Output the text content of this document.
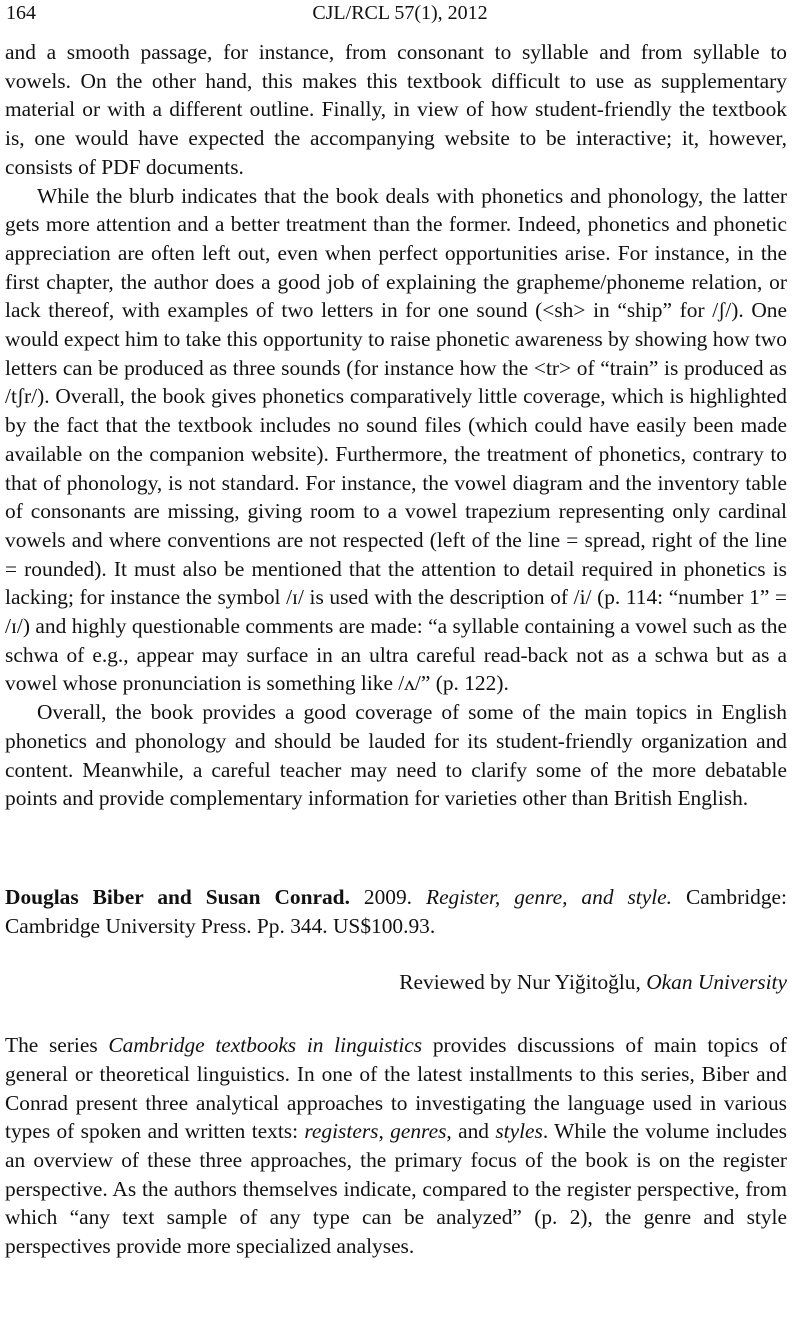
164	CJL/RCL 57(1), 2012

and a smooth passage, for instance, from consonant to syllable and from syllable to vowels. On the other hand, this makes this textbook difficult to use as supplementary material or with a different outline. Finally, in view of how student-friendly the textbook is, one would have expected the accompanying website to be interactive; it, however, consists of PDF documents.

While the blurb indicates that the book deals with phonetics and phonology, the latter gets more attention and a better treatment than the former. Indeed, phonetics and phonetic appreciation are often left out, even when perfect opportunities arise. For instance, in the first chapter, the author does a good job of explaining the grapheme/phoneme relation, or lack thereof, with examples of two letters in for one sound (<sh> in “ship” for /ʃ/). One would expect him to take this opportunity to raise phonetic awareness by showing how two letters can be produced as three sounds (for instance how the <tr> of “train” is produced as /tʃr/). Overall, the book gives phonetics comparatively little coverage, which is highlighted by the fact that the textbook includes no sound files (which could have easily been made available on the companion website). Furthermore, the treatment of phonetics, contrary to that of phonology, is not standard. For instance, the vowel diagram and the inventory table of consonants are missing, giving room to a vowel trapezium representing only cardinal vowels and where conventions are not respected (left of the line = spread, right of the line = rounded). It must also be mentioned that the attention to detail required in phonetics is lacking; for instance the symbol /ɪ/ is used with the description of /i/ (p. 114: “number 1” = /ɪ/) and highly questionable comments are made: “a syllable containing a vowel such as the schwa of e.g., appear may surface in an ultra careful read-back not as a schwa but as a vowel whose pronunciation is something like /ʌ/” (p. 122).

Overall, the book provides a good coverage of some of the main topics in English phonetics and phonology and should be lauded for its student-friendly organization and content. Meanwhile, a careful teacher may need to clarify some of the more debatable points and provide complementary information for varieties other than British English.

Douglas Biber and Susan Conrad. 2009. Register, genre, and style. Cambridge: Cambridge University Press. Pp. 344. US$100.93.

Reviewed by Nur Yiğitoğlu, Okan University

The series Cambridge textbooks in linguistics provides discussions of main topics of general or theoretical linguistics. In one of the latest installments to this series, Biber and Conrad present three analytical approaches to investigating the language used in various types of spoken and written texts: registers, genres, and styles. While the volume includes an overview of these three approaches, the primary focus of the book is on the register perspective. As the authors themselves indicate, compared to the register perspective, from which “any text sample of any type can be analyzed” (p. 2), the genre and style perspectives provide more specialized analyses.
